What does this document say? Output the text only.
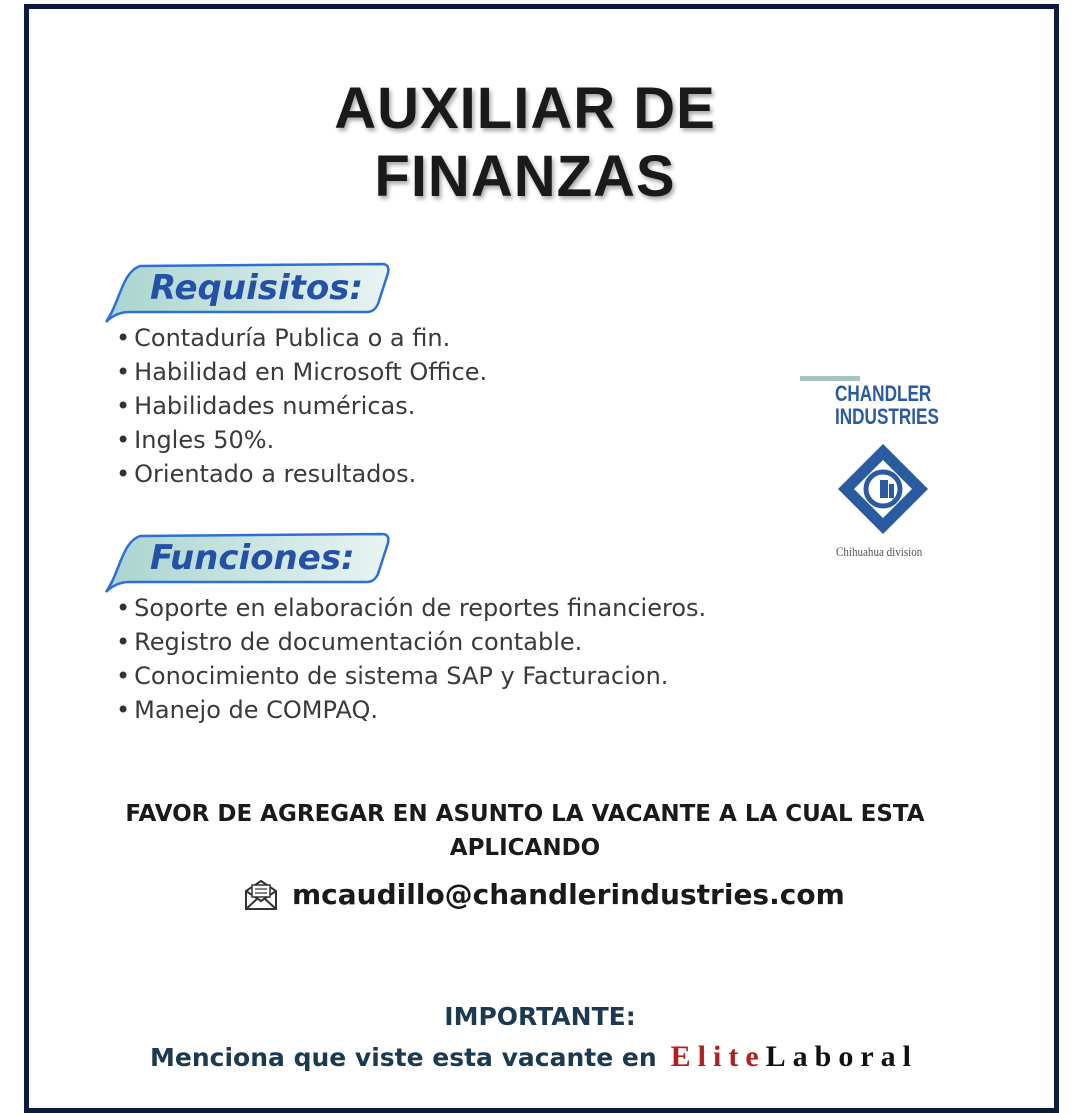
AUXILIAR DE
FINANZAS
Requisitos:
• Contaduría Publica o a fin.
• Habilidad en Microsoft Office.
• Habilidades numéricas.
• Ingles 50%.
• Orientado a resultados.
Funciones:
• Soporte en elaboración de reportes financieros.
• Registro de documentación contable.
• Conocimiento de sistema SAP y Facturacion.
• Manejo de COMPAQ.
CHANDLER
INDUSTRIES
Chihuahua division
FAVOR DE AGREGAR EN ASUNTO LA VACANTE A LA CUAL ESTA
APLICANDO
mcaudillo@chandlerindustries.com
IMPORTANTE:
Menciona que viste esta vacante en EliteLaboral
